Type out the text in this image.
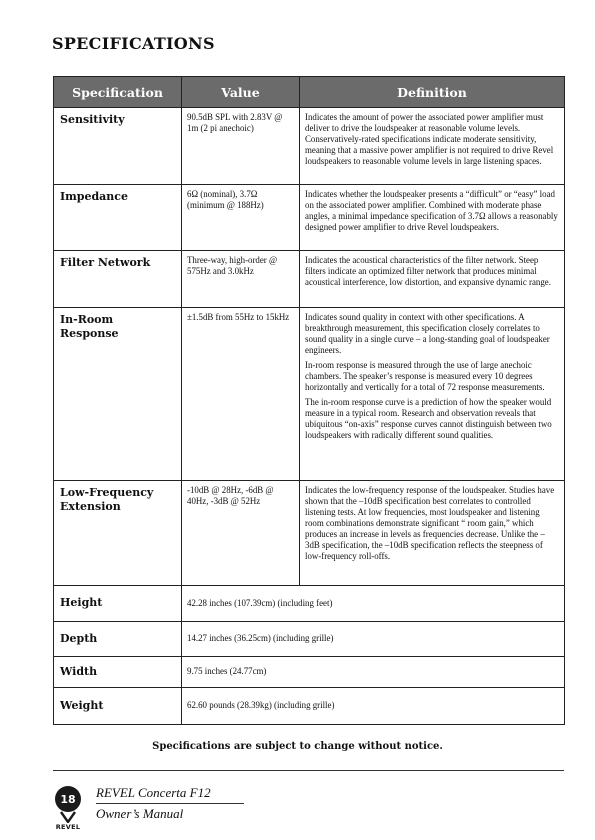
SPECIFICATIONS
Specification	Value	Definition
Sensitivity	90.5dB SPL with 2.83V @ 1m (2 pi anechoic)	Indicates the amount of power the associated power amplifier must deliver to drive the loudspeaker at reasonable volume levels. Conservatively-rated specifications indicate moderate sensitivity, meaning that a massive power amplifier is not required to drive Revel loudspeakers to reasonable volume levels in large listening spaces.

Impedance	6Ω (nominal), 3.7Ω (minimum @ 188Hz)	Indicates whether the loudspeaker presents a “difficult” or “easy” load on the associated power amplifier. Combined with moderate phase angles, a minimal impedance specification of 3.7Ω allows a reasonably designed power amplifier to drive Revel loudspeakers.

Filter Network	Three-way, high-order @ 575Hz and 3.0kHz	Indicates the acoustical characteristics of the filter network. Steep filters indicate an optimized filter network that produces minimal acoustical interference, low distortion, and expansive dynamic range.

In-Room Response	±1.5dB from 55Hz to 15kHz	Indicates sound quality in context with other specifications. A breakthrough measurement, this specification closely correlates to sound quality in a single curve – a long-standing goal of loudspeaker engineers.

In-room response is measured through the use of large anechoic chambers. The speaker’s response is measured every 10 degrees horizontally and vertically for a total of 72 response measurements.

The in-room response curve is a prediction of how the speaker would measure in a typical room. Research and observation reveals that ubiquitous “on-axis” response curves cannot distinguish between two loudspeakers with radically different sound qualities.

Low-Frequency Extension	-10dB @ 28Hz, -6dB @ 40Hz, -3dB @ 52Hz	Indicates the low-frequency response of the loudspeaker. Studies have shown that the –10dB specification best correlates to controlled listening tests. At low frequencies, most loudspeaker and listening room combinations demonstrate significant “ room gain,” which produces an increase in levels as frequencies decrease. Unlike the –3dB specification, the –10dB specification reflects the steepness of low-frequency roll-offs.

Height	42.28 inches (107.39cm) (including feet)	
Depth	14.27 inches (36.25cm) (including grille)	
Width	9.75 inches (24.77cm)	
Weight	62.60 pounds (28.39kg) (including grille)	
Specifications are subject to change without notice.
18
REVEL
REVEL Concerta F12
Owner’s Manual
